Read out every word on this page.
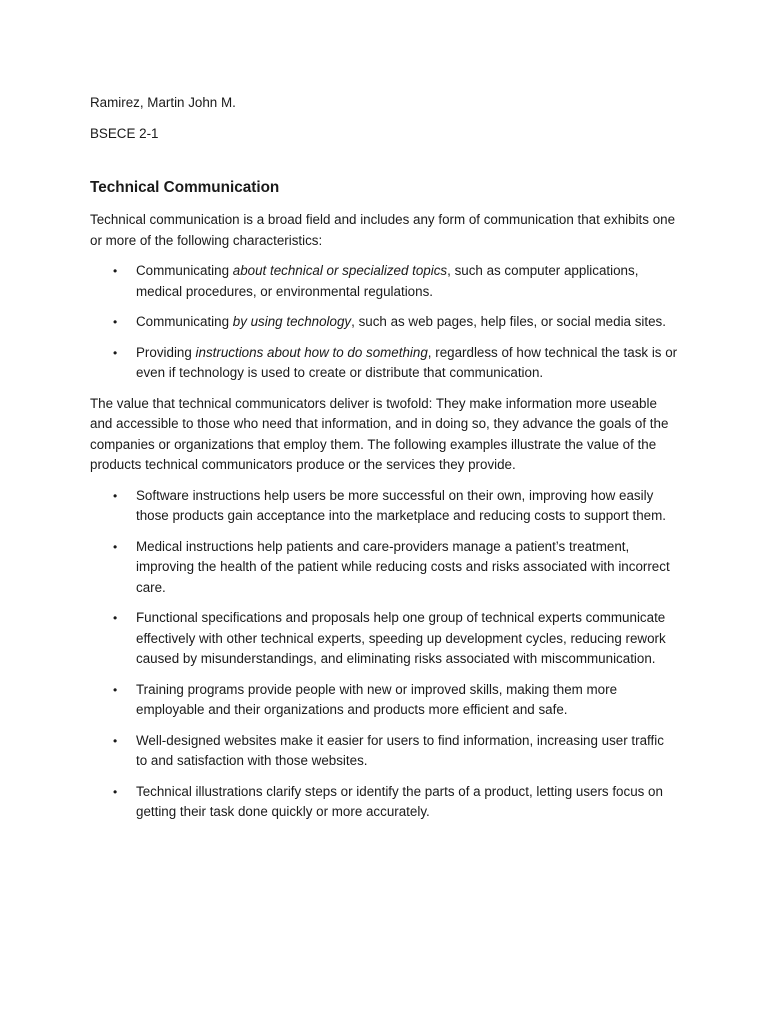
Ramirez, Martin John M.

BSECE 2-1

Technical Communication

Technical communication is a broad field and includes any form of communication that exhibits one or more of the following characteristics:

• Communicating about technical or specialized topics, such as computer applications, medical procedures, or environmental regulations.
• Communicating by using technology, such as web pages, help files, or social media sites.
• Providing instructions about how to do something, regardless of how technical the task is or even if technology is used to create or distribute that communication.

The value that technical communicators deliver is twofold: They make information more useable and accessible to those who need that information, and in doing so, they advance the goals of the companies or organizations that employ them. The following examples illustrate the value of the products technical communicators produce or the services they provide.

• Software instructions help users be more successful on their own, improving how easily those products gain acceptance into the marketplace and reducing costs to support them.
• Medical instructions help patients and care-providers manage a patient’s treatment, improving the health of the patient while reducing costs and risks associated with incorrect care.
• Functional specifications and proposals help one group of technical experts communicate effectively with other technical experts, speeding up development cycles, reducing rework caused by misunderstandings, and eliminating risks associated with miscommunication.
• Training programs provide people with new or improved skills, making them more employable and their organizations and products more efficient and safe.
• Well-designed websites make it easier for users to find information, increasing user traffic to and satisfaction with those websites.
• Technical illustrations clarify steps or identify the parts of a product, letting users focus on getting their task done quickly or more accurately.
